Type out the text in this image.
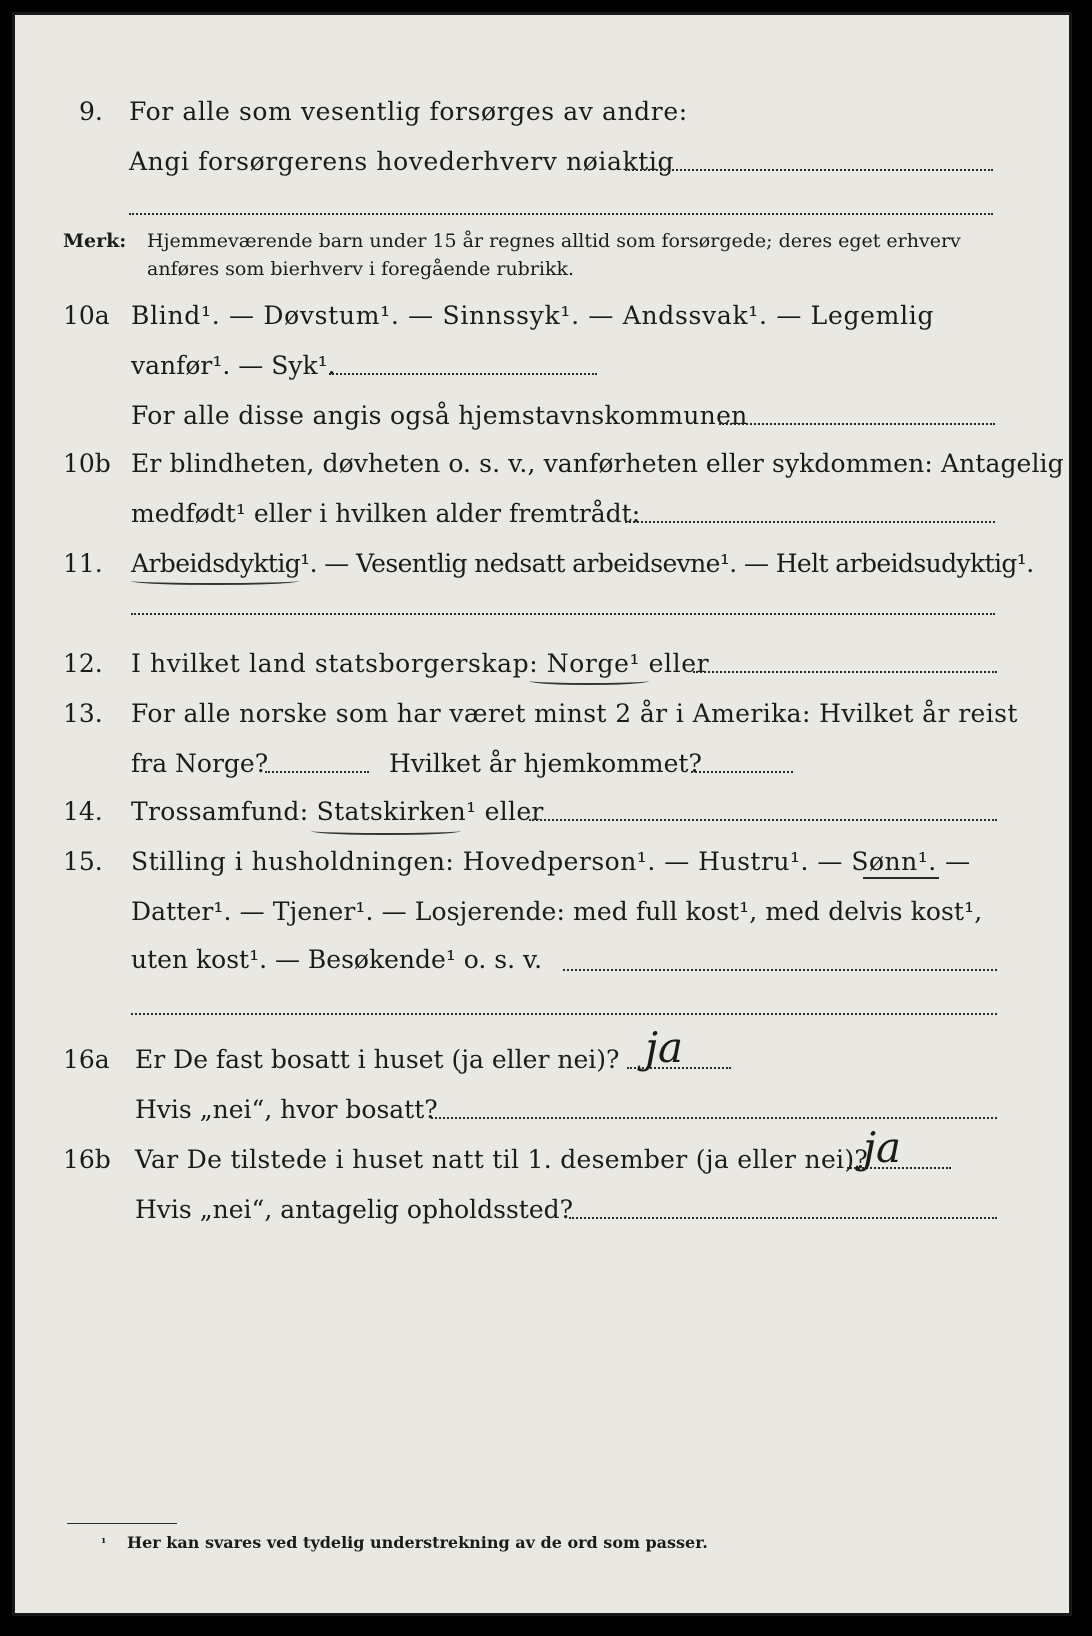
9. For alle som vesentlig forsørges av andre:
Angi forsørgerens hovederhverv nøiaktig
Merk: Hjemmeværende barn under 15 år regnes alltid som forsørgede; deres eget erhverv
anføres som bierhverv i foregående rubrikk.
10a Blind¹. — Døvstum¹. — Sinnssyk¹. — Andssvak¹. — Legemlig
vanfør¹. — Syk¹.
For alle disse angis også hjemstavnskommunen
10b Er blindheten, døvheten o. s. v., vanførheten eller sykdommen: Antagelig
medfødt¹ eller i hvilken alder fremtrådt:
11. Arbeidsdyktig¹. — Vesentlig nedsatt arbeidsevne¹. — Helt arbeidsudyktig¹.
12. I hvilket land statsborgerskap: Norge¹ eller
13. For alle norske som har været minst 2 år i Amerika: Hvilket år reist
fra Norge?	Hvilket år hjemkommet?
14. Trossamfund: Statskirken¹ eller
15. Stilling i husholdningen: Hovedperson¹. — Hustru¹. — Sønn¹. —
Datter¹. — Tjener¹. — Losjerende: med full kost¹, med delvis kost¹,
uten kost¹. — Besøkende¹ o. s. v.
16a Er De fast bosatt i huset (ja eller nei)? ja
Hvis „nei“, hvor bosatt?
16b Var De tilstede i huset natt til 1. desember (ja eller nei)?
ja
Hvis „nei“, antagelig opholdssted?
¹ Her kan svares ved tydelig understrekning av de ord som passer.
